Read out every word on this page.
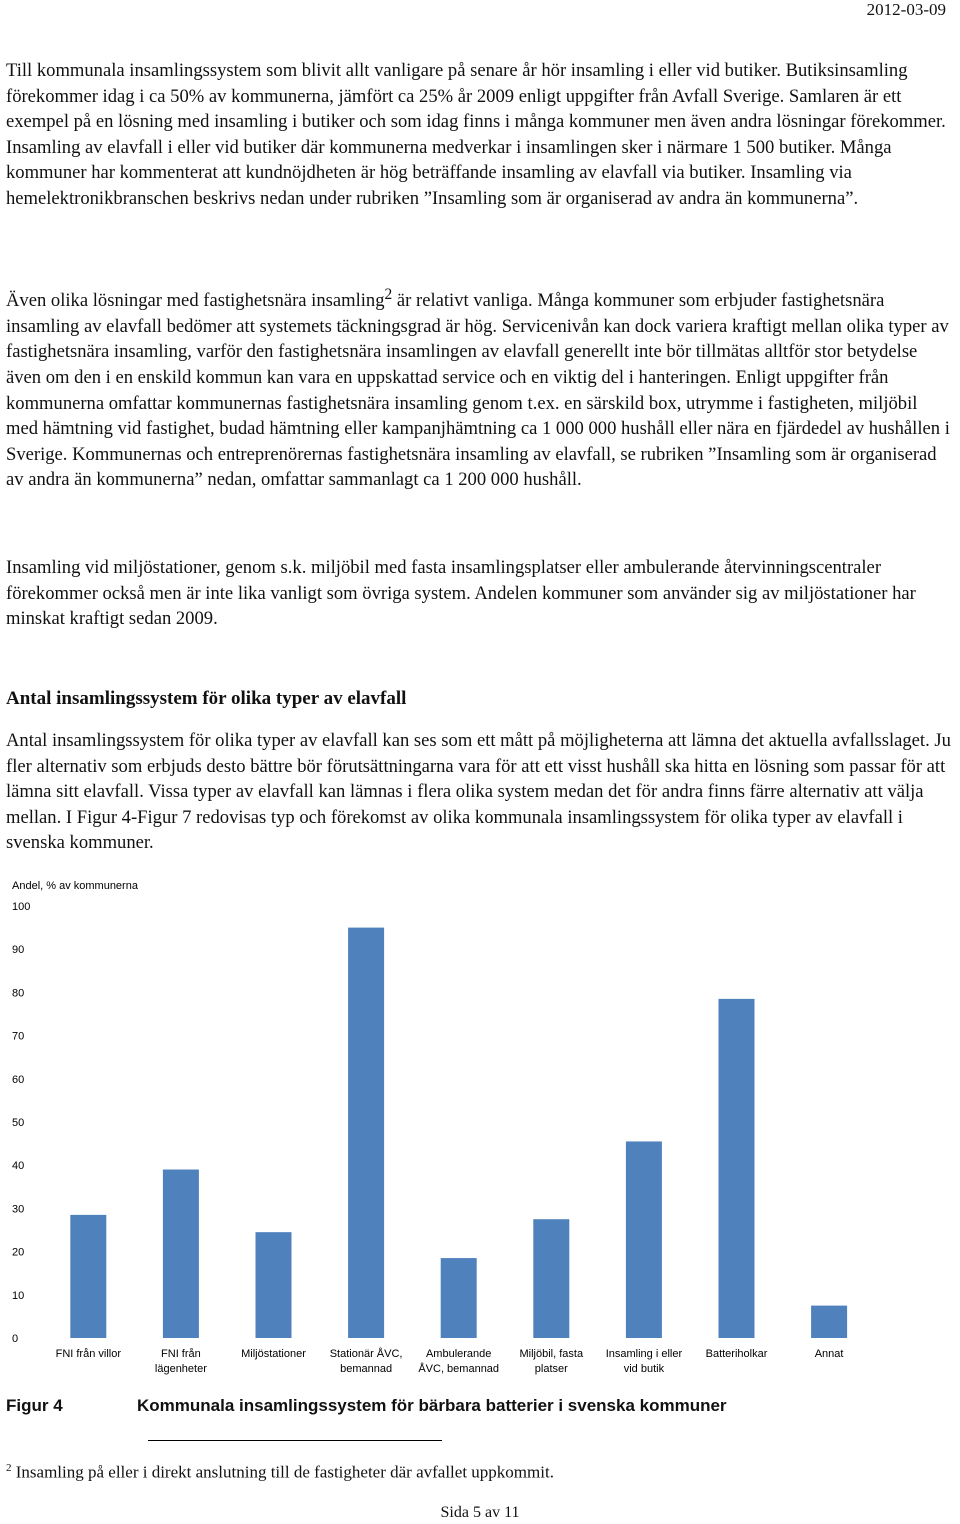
2012-03-09

Till kommunala insamlingssystem som blivit allt vanligare på senare år hör insamling i eller vid butiker. Butiksinsamling förekommer idag i ca 50% av kommunerna, jämfört ca 25% år 2009 enligt uppgifter från Avfall Sverige. Samlaren är ett exempel på en lösning med insamling i butiker och som idag finns i många kommuner men även andra lösningar förekommer. Insamling av elavfall i eller vid butiker där kommunerna medverkar i insamlingen sker i närmare 1 500 butiker. Många kommuner har kommenterat att kundnöjdheten är hög beträffande insamling av elavfall via butiker. Insamling via hemelektronikbranschen beskrivs nedan under rubriken ”Insamling som är organiserad av andra än kommunerna”.

Även olika lösningar med fastighetsnära insamling$^2$ är relativt vanliga. Många kommuner som erbjuder fastighetsnära insamling av elavfall bedömer att systemets täckningsgrad är hög. Servicenivån kan dock variera kraftigt mellan olika typer av fastighetsnära insamling, varför den fastighetsnära insamlingen av elavfall generellt inte bör tillmätas alltför stor betydelse även om den i en enskild kommun kan vara en uppskattad service och en viktig del i hanteringen. Enligt uppgifter från kommunerna omfattar kommunernas fastighetsnära insamling genom t.ex. en särskild box, utrymme i fastigheten, miljöbil med hämtning vid fastighet, budad hämtning eller kampanjhämtning ca 1 000 000 hushåll eller nära en fjärdedel av hushållen i Sverige. Kommunernas och entreprenörernas fastighetsnära insamling av elavfall, se rubriken ”Insamling som är organiserad av andra än kommunerna” nedan, omfattar sammanlagt ca 1 200 000 hushåll.

Insamling vid miljöstationer, genom s.k. miljöbil med fasta insamlingsplatser eller ambulerande återvinningscentraler förekommer också men är inte lika vanligt som övriga system. Andelen kommuner som använder sig av miljöstationer har minskat kraftigt sedan 2009.

Antal insamlingssystem för olika typer av elavfall

Antal insamlingssystem för olika typer av elavfall kan ses som ett mått på möjligheterna att lämna det aktuella avfallsslaget. Ju fler alternativ som erbjuds desto bättre bör förutsättningarna vara för att ett visst hushåll ska hitta en lösning som passar för att lämna sitt elavfall. Vissa typer av elavfall kan lämnas i flera olika system medan det för andra finns färre alternativ att välja mellan. I Figur 4-Figur 7 redovisas typ och förekomst av olika kommunala insamlingssystem för olika typer av elavfall i svenska kommuner.

Andel, % av kommunerna
0
10
20
30
40
50
60
70
80
90
100
FNI från villor	FNI från lägenheter
Miljöstationer Stationär ÅVC, bemannad
Ambulerande ÅVC, bemannad
Miljöbil, fasta platser
Insamling i eller vid butik
Batteriholkar	Annat
Figur 4	Kommunala insamlingssystem för bärbara batterier i svenska kommuner
$^2$ Insamling på eller i direkt anslutning till de fastigheter där avfallet uppkommit.
Sida 5 av 11
